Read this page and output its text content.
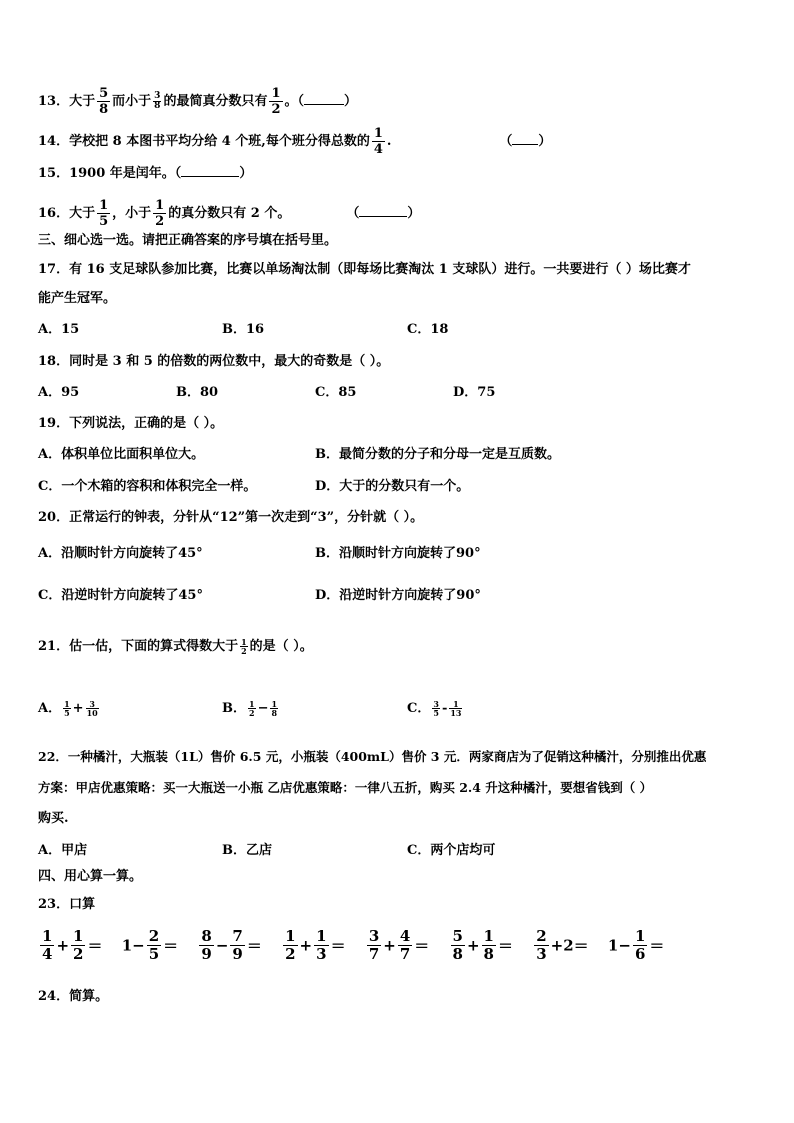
13．大于 $\frac{5}{8}$ 而小于 $\frac{3}{8}$ 的最简真分数只有 $\frac{1}{2}$ 。（	）
14．学校把 8 本图书平均分给 4 个班,每个班分得总数的 $\frac{1}{4}$ .	（ ）
15．1900 年是闰年。（	）
16．大于 $\frac{1}{5}$ ，小于 $\frac{1}{2}$ 的真分数只有 2 个。	（	）
三、细心选一选。请把正确答案的序号填在括号里。
17．有 16 支足球队参加比赛，比赛以单场淘汰制（即每场比赛淘汰 1 支球队）进行。一共要进行（ ）场比赛才
能产生冠军。
A．15	B．16	C．18
18．同时是 3 和 5 的倍数的两位数中，最大的奇数是（ ）。
A．95	B．80	C．85	D．75
19．下列说法，正确的是（ ）。
A．体积单位比面积单位大。	B．最简分数的分子和分母一定是互质数。
C．一个木箱的容积和体积完全一样。	D．大于的分数只有一个。
20．正常运行的钟表，分针从“12”第一次走到“3”，分针就（ ）。
A．沿顺时针方向旋转了45°	B．沿顺时针方向旋转了90°
C．沿逆时针方向旋转了45°	D．沿逆时针方向旋转了90°
21．估一估，下面的算式得数大于 $\frac{1}{2}$ 的是（ ）。
A． $\frac{1}{5} + \frac{3}{10}$	B． $\frac{1}{2} - \frac{1}{8}$	C． $\frac{3}{5} - \frac{1}{13}$
22．一种橘汁，大瓶装（1L）售价 6.5 元，小瓶装（400mL）售价 3 元．两家商店为了促销这种橘汁，分别推出优惠
方案：甲店优惠策略：买一大瓶送一小瓶 乙店优惠策略：一律八五折，购买 2.4 升这种橘汁，要想省钱到（ ）
购买.
A．甲店	B．乙店	C．两个店均可
四、用心算一算。
23．口算
$\frac{1}{4} + \frac{1}{2} = 1- \frac{2}{5} = \frac{8}{9} - \frac{7}{9} = \frac{1}{2} + \frac{1}{3} = \frac{3}{7} + \frac{4}{7} = \frac{5}{8} + \frac{1}{8} = \frac{2}{3} +2= 1- \frac{1}{6}$ ＝
24．简算。
